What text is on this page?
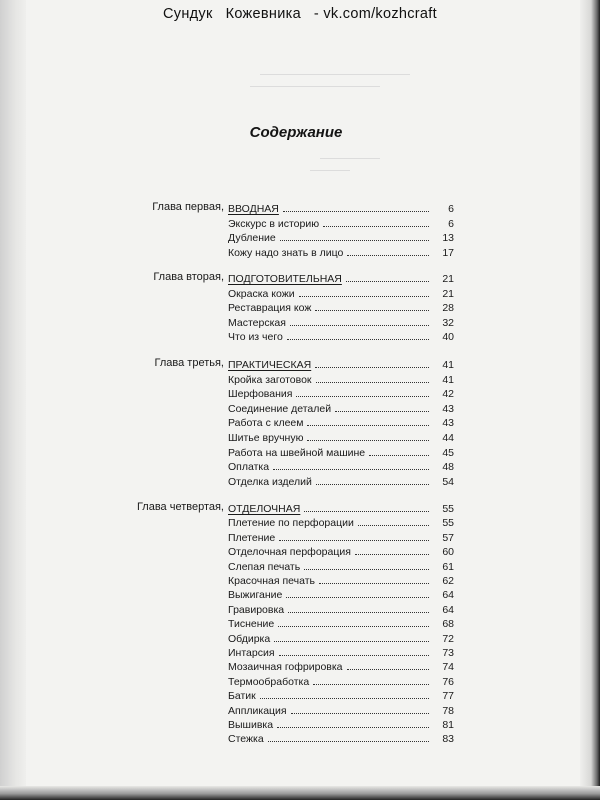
Сундук   Кожевника   - vk.com/kozhcraft
Содержание
Глава первая, ВВОДНАЯ	6
Экскурс в историю	6
Дубление	13
Кожу надо знать в лицо	17
Глава вторая, ПОДГОТОВИТЕЛЬНАЯ	21
Окраска кожи	21
Реставрация кож	28
Мастерская	32
Что из чего	40
Глава третья, ПРАКТИЧЕСКАЯ	41
Кройка заготовок	41
Шерфования	42
Соединение деталей	43
Работа с клеем	43
Шитье вручную	44
Работа на швейной машине	45
Оплатка	48
Отделка изделий	54
Глава четвертая, ОТДЕЛОЧНАЯ	55
Плетение по перфорации	55
Плетение	57
Отделочная перфорация	60
Слепая печать	61
Красочная печать	62
Выжигание	64
Гравировка	64
Тиснение	68
Обдирка	72
Интарсия	73
Мозаичная гофрировка	74
Термообработка	76
Батик	77
Аппликация	78
Вышивка	81
Стежка	83
